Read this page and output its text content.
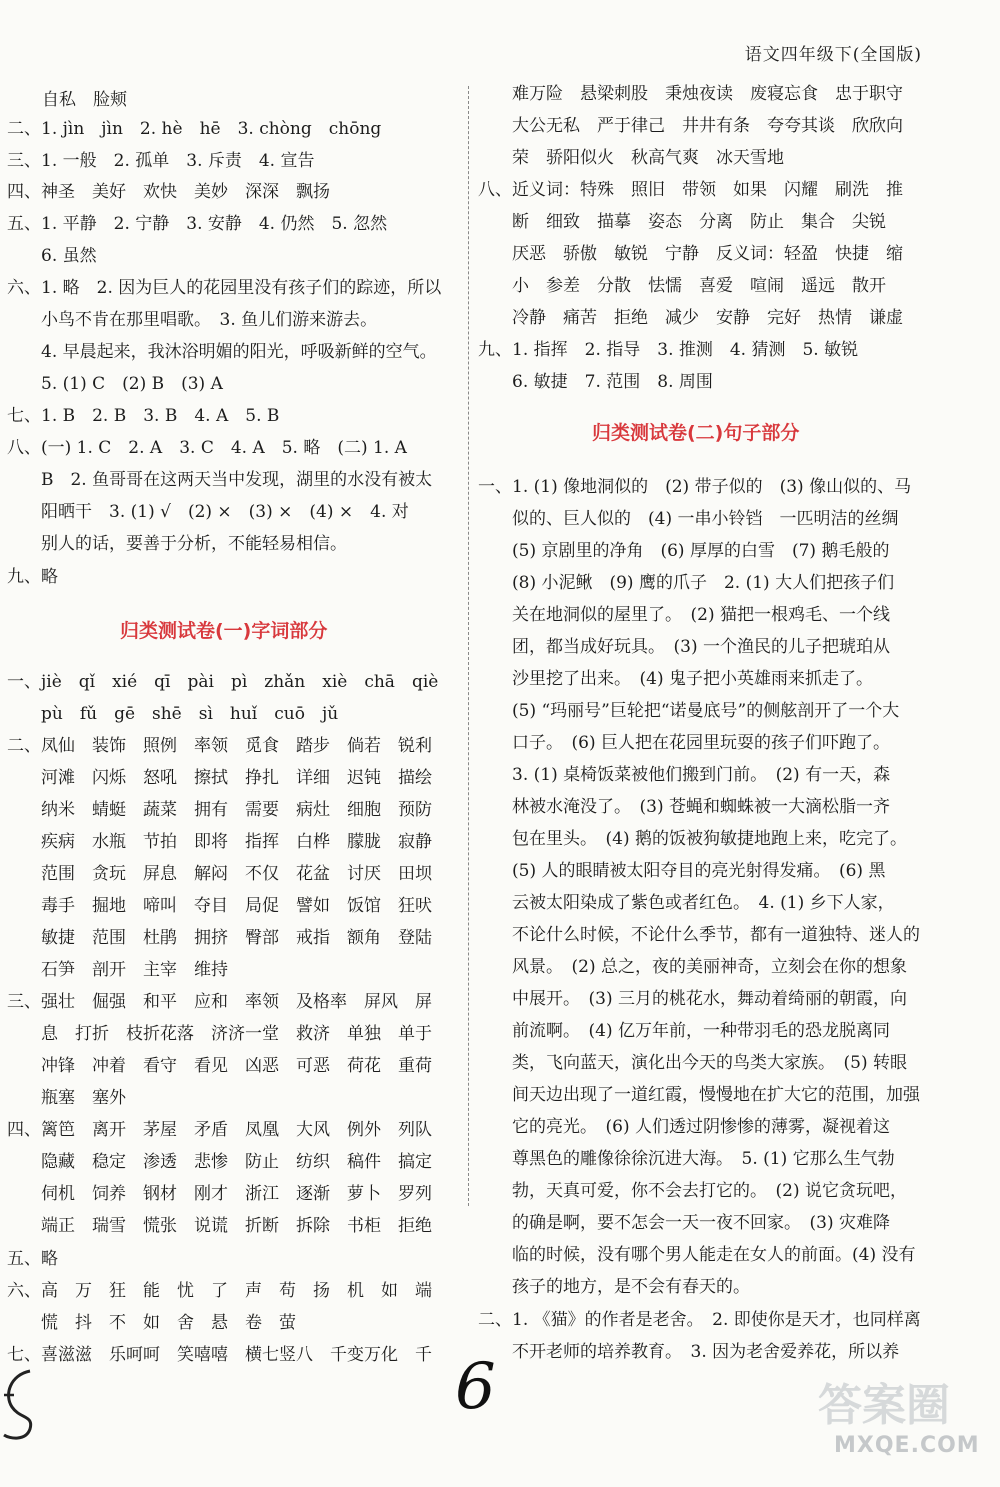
语文四年级下(全国版)
自私　脸颊
二、1. jìn　jìn　2. hè　hē　3. chòng　chōng
三、1. 一般　2. 孤单　3. 斥责　4. 宣告
四、神圣　美好　欢快　美妙　深深　飘扬
五、1. 平静　2. 宁静　3. 安静　4. 仍然　5. 忽然
　　6. 虽然
六、1. 略　2. 因为巨人的花园里没有孩子们的踪迹，所以
　　小鸟不肯在那里唱歌。　3. 鱼儿们游来游去。
　　4. 早晨起来，我沐浴明媚的阳光，呼吸新鲜的空气。
　　5. (1) C　(2) B　(3) A
七、1. B　2. B　3. B　4. A　5. B
八、(一) 1. C　2. A　3. C　4. A　5. 略　(二) 1. A
　　B　2. 鱼哥哥在这两天当中发现，湖里的水没有被太
　　阳晒干　3. (1) √　(2) ×　(3) ×　(4) ×　4. 对
　　别人的话，要善于分析，不能轻易相信。
九、略
归类测试卷(一)字词部分
一、jiè　qǐ　xié　qī　pài　pì　zhǎn　xiè　chā　qiè
　　pù　fǔ　gē　shē　sì　huǐ　cuō　jǔ
二、凤仙　装饰　照例　率领　觅食　踏步　倘若　锐利
　　河滩　闪烁　怒吼　擦拭　挣扎　详细　迟钝　描绘
　　纳米　蜻蜓　蔬菜　拥有　需要　病灶　细胞　预防
　　疾病　水瓶　节拍　即将　指挥　白桦　朦胧　寂静
　　范围　贪玩　屏息　解闷　不仅　花盆　讨厌　田坝
　　毒手　掘地　啼叫　夺目　局促　譬如　饭馆　狂吠
　　敏捷　范围　杜鹃　拥挤　臀部　戒指　额角　登陆
　　石笋　剖开　主宰　维持
三、强壮　倔强　和平　应和　率领　及格率　屏风　屏
　　息　打折　枝折花落　济济一堂　救济　单独　单于
　　冲锋　冲着　看守　看见　凶恶　可恶　荷花　重荷
　　瓶塞　塞外
四、篱笆　离开　茅屋　矛盾　凤凰　大风　例外　列队
　　隐藏　稳定　渗透　悲惨　防止　纺织　稿件　搞定
　　伺机　饲养　钢材　刚才　浙江　逐渐　萝卜　罗列
　　端正　瑞雪　慌张　说谎　折断　拆除　书柜　拒绝
五、略
六、高　万　狂　能　忧　了　声　苟　扬　机　如　端
　　慌　抖　不　如　舍　悬　卷　萤
七、喜滋滋　乐呵呵　笑嘻嘻　横七竖八　千变万化　千
难万险　悬梁刺股　秉烛夜读　废寝忘食　忠于职守
大公无私　严于律己　井井有条　夸夸其谈　欣欣向
荣　骄阳似火　秋高气爽　冰天雪地
八、近义词：特殊　照旧　带领　如果　闪耀　刷洗　推
　　断　细致　描摹　姿态　分离　防止　集合　尖锐
　　厌恶　骄傲　敏锐　宁静　反义词：轻盈　快捷　缩
　　小　参差　分散　怯懦　喜爱　喧闹　遥远　散开
　　冷静　痛苦　拒绝　减少　安静　完好　热情　谦虚
九、1. 指挥　2. 指导　3. 推测　4. 猜测　5. 敏锐
　　6. 敏捷　7. 范围　8. 周围
归类测试卷(二)句子部分
一、1. (1) 像地洞似的　(2) 带子似的　(3) 像山似的、马
　　似的、巨人似的　(4) 一串小铃铛　一匹明洁的丝绸
　　(5) 京剧里的净角　(6) 厚厚的白雪　(7) 鹅毛般的
　　(8) 小泥鳅　(9) 鹰的爪子　2. (1) 大人们把孩子们
　　关在地洞似的屋里了。　(2) 猫把一根鸡毛、一个线
　　团，都当成好玩具。　(3) 一个渔民的儿子把琥珀从
　　沙里挖了出来。　(4) 鬼子把小英雄雨来抓走了。
　　(5) “玛丽号”巨轮把“诺曼底号”的侧舷剖开了一个大
　　口子。　(6) 巨人把在花园里玩耍的孩子们吓跑了。
　　3. (1) 桌椅饭菜被他们搬到门前。　(2) 有一天，森
　　林被水淹没了。　(3) 苍蝇和蜘蛛被一大滴松脂一齐
　　包在里头。　(4) 鹅的饭被狗敏捷地跑上来，吃完了。
　　(5) 人的眼睛被太阳夺目的亮光射得发痛。　(6) 黑
　　云被太阳染成了紫色或者红色。　4. (1) 乡下人家，
　　不论什么时候，不论什么季节，都有一道独特、迷人的
　　风景。　(2) 总之，夜的美丽神奇，立刻会在你的想象
　　中展开。　(3) 三月的桃花水，舞动着绮丽的朝霞，向
　　前流啊。　(4) 亿万年前，一种带羽毛的恐龙脱离同
　　类，飞向蓝天，演化出今天的鸟类大家族。　(5) 转眼
　　间天边出现了一道红霞，慢慢地在扩大它的范围，加强
　　它的亮光。　(6) 人们透过阴惨惨的薄雾，凝视着这
　　尊黑色的雕像徐徐沉进大海。　5. (1) 它那么生气勃
　　勃，天真可爱，你不会去打它的。　(2) 说它贪玩吧，
　　的确是啊，要不怎会一天一夜不回家。　(3) 灾难降
　　临的时候，没有哪个男人能走在女人的前面。(4) 没有
　　孩子的地方，是不会有春天的。
二、1. 《猫》的作者是老舍。　2. 即使你是天才，也同样离
　　不开老师的培养教育。　3. 因为老舍爱养花，所以养
6	答案圈
MXQE.COM
